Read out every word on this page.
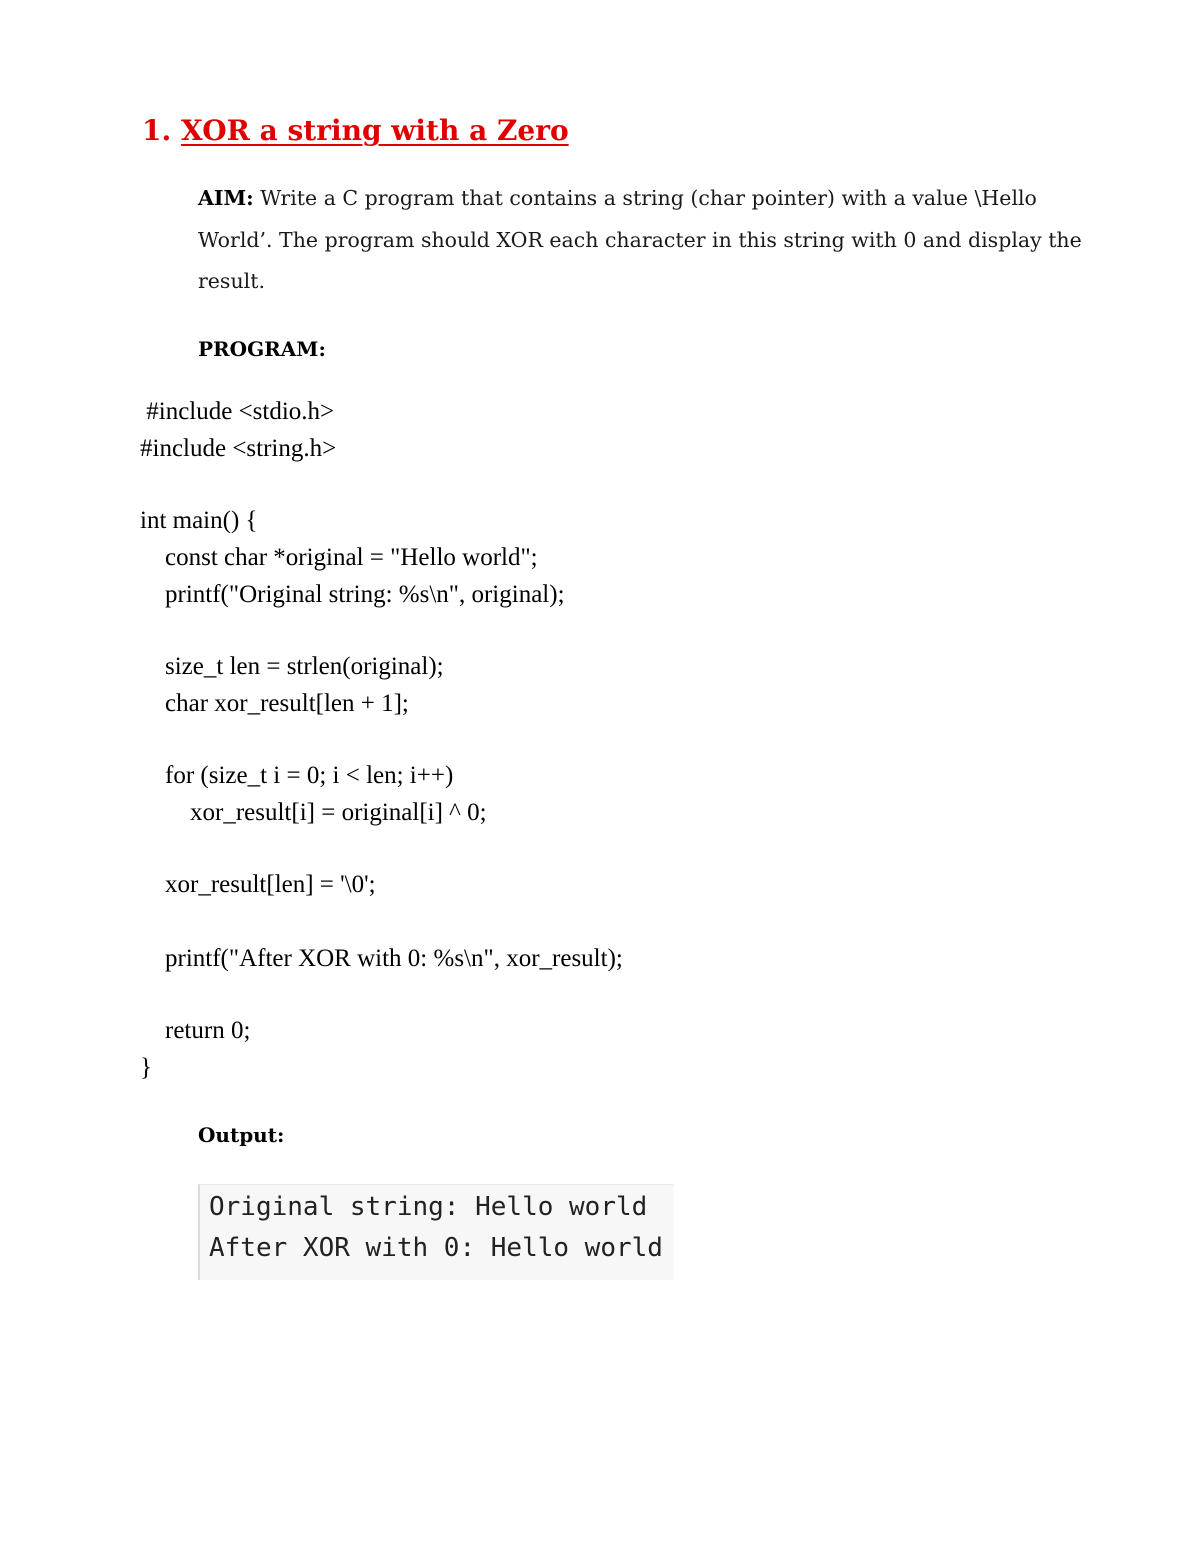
1. XOR a string with a Zero
AIM: Write a C program that contains a string (char pointer) with a value \Hello World’. The program should XOR each character in this string with 0 and display the result.
PROGRAM:

#include <stdio.h>

#include <string.h>

int main() {

const char *original = "Hello world";

printf("Original string: %s\n", original);

size_t len = strlen(original);

char xor_result[len + 1];

for (size_t i = 0; i < len; i++)

xor_result[i] = original[i] ^ 0;

xor_result[len] = '\0';

printf("After XOR with 0: %s\n", xor_result);

return 0;

}

Output:
Original string: Hello world
After XOR with 0: Hello world
